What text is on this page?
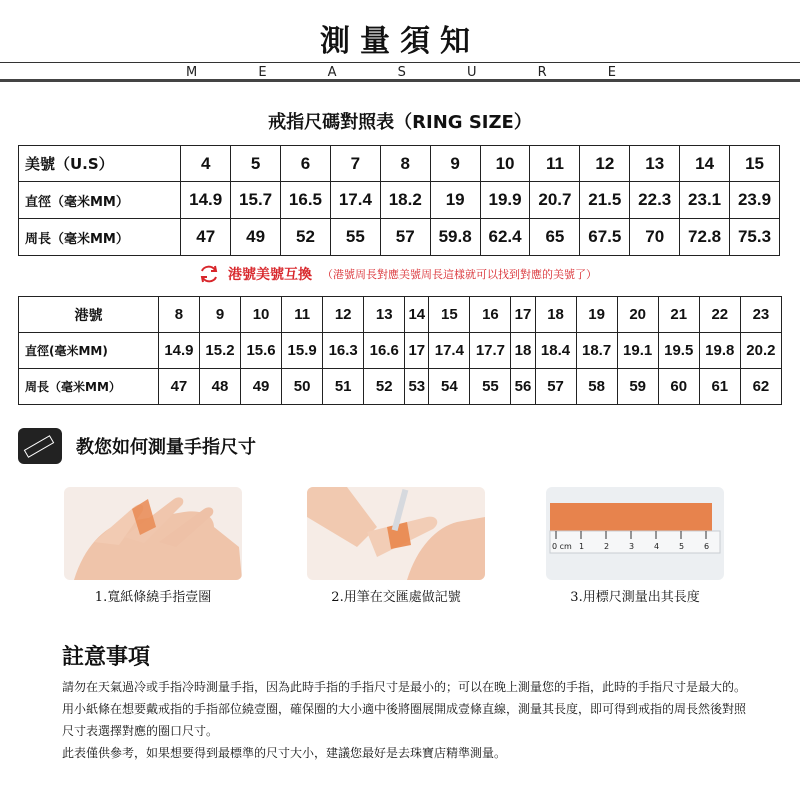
測量須知
M	E	A	S	U	R	E
戒指尺碼對照表（RING SIZE）
美號（U.S）	4	5	6	7	8	9	10	11	12	13	14	15
直徑（毫米MM）	14.9	15.7	16.5	17.4	18.2	19	19.9	20.7	21.5	22.3	23.1	23.9
周長（毫米MM）	47	49	52	55	57	59.8	62.4	65	67.5	70	72.8	75.3
港號美號互換 （港號周長對應美號周長這樣就可以找到對應的美號了）
港號	8	9	10	11	12	13	14	15	16	17	18	19	20	21	22	23
直徑(毫米MM)	14.9	15.2	15.6	15.9	16.3	16.6	17	17.4	17.7	18	18.4	18.7	19.1	19.5	19.8	20.2
周長（毫米MM）	47	48	49	50	51	52	53	54	55	56	57	58	59	60	61	62
教您如何測量手指尺寸
0 cm 1 2 3 4 5 6
1.寬紙條繞手指壹圈	2.用筆在交匯處做記號	3.用標尺測量出其長度
註意事項

請勿在天氣過冷或手指冷時測量手指，因為此時手指的手指尺寸是最小的；可以在晚上測量您的手指，此時的手指尺寸是最大的。

用小紙條在想要戴戒指的手指部位繞壹圈，確保圈的大小適中後將圈展開成壹條直線，測量其長度，即可得到戒指的周長然後對照尺寸表選擇對應的圈口尺寸。

此表僅供參考，如果想要得到最標準的尺寸大小，建議您最好是去珠寶店精準測量。
